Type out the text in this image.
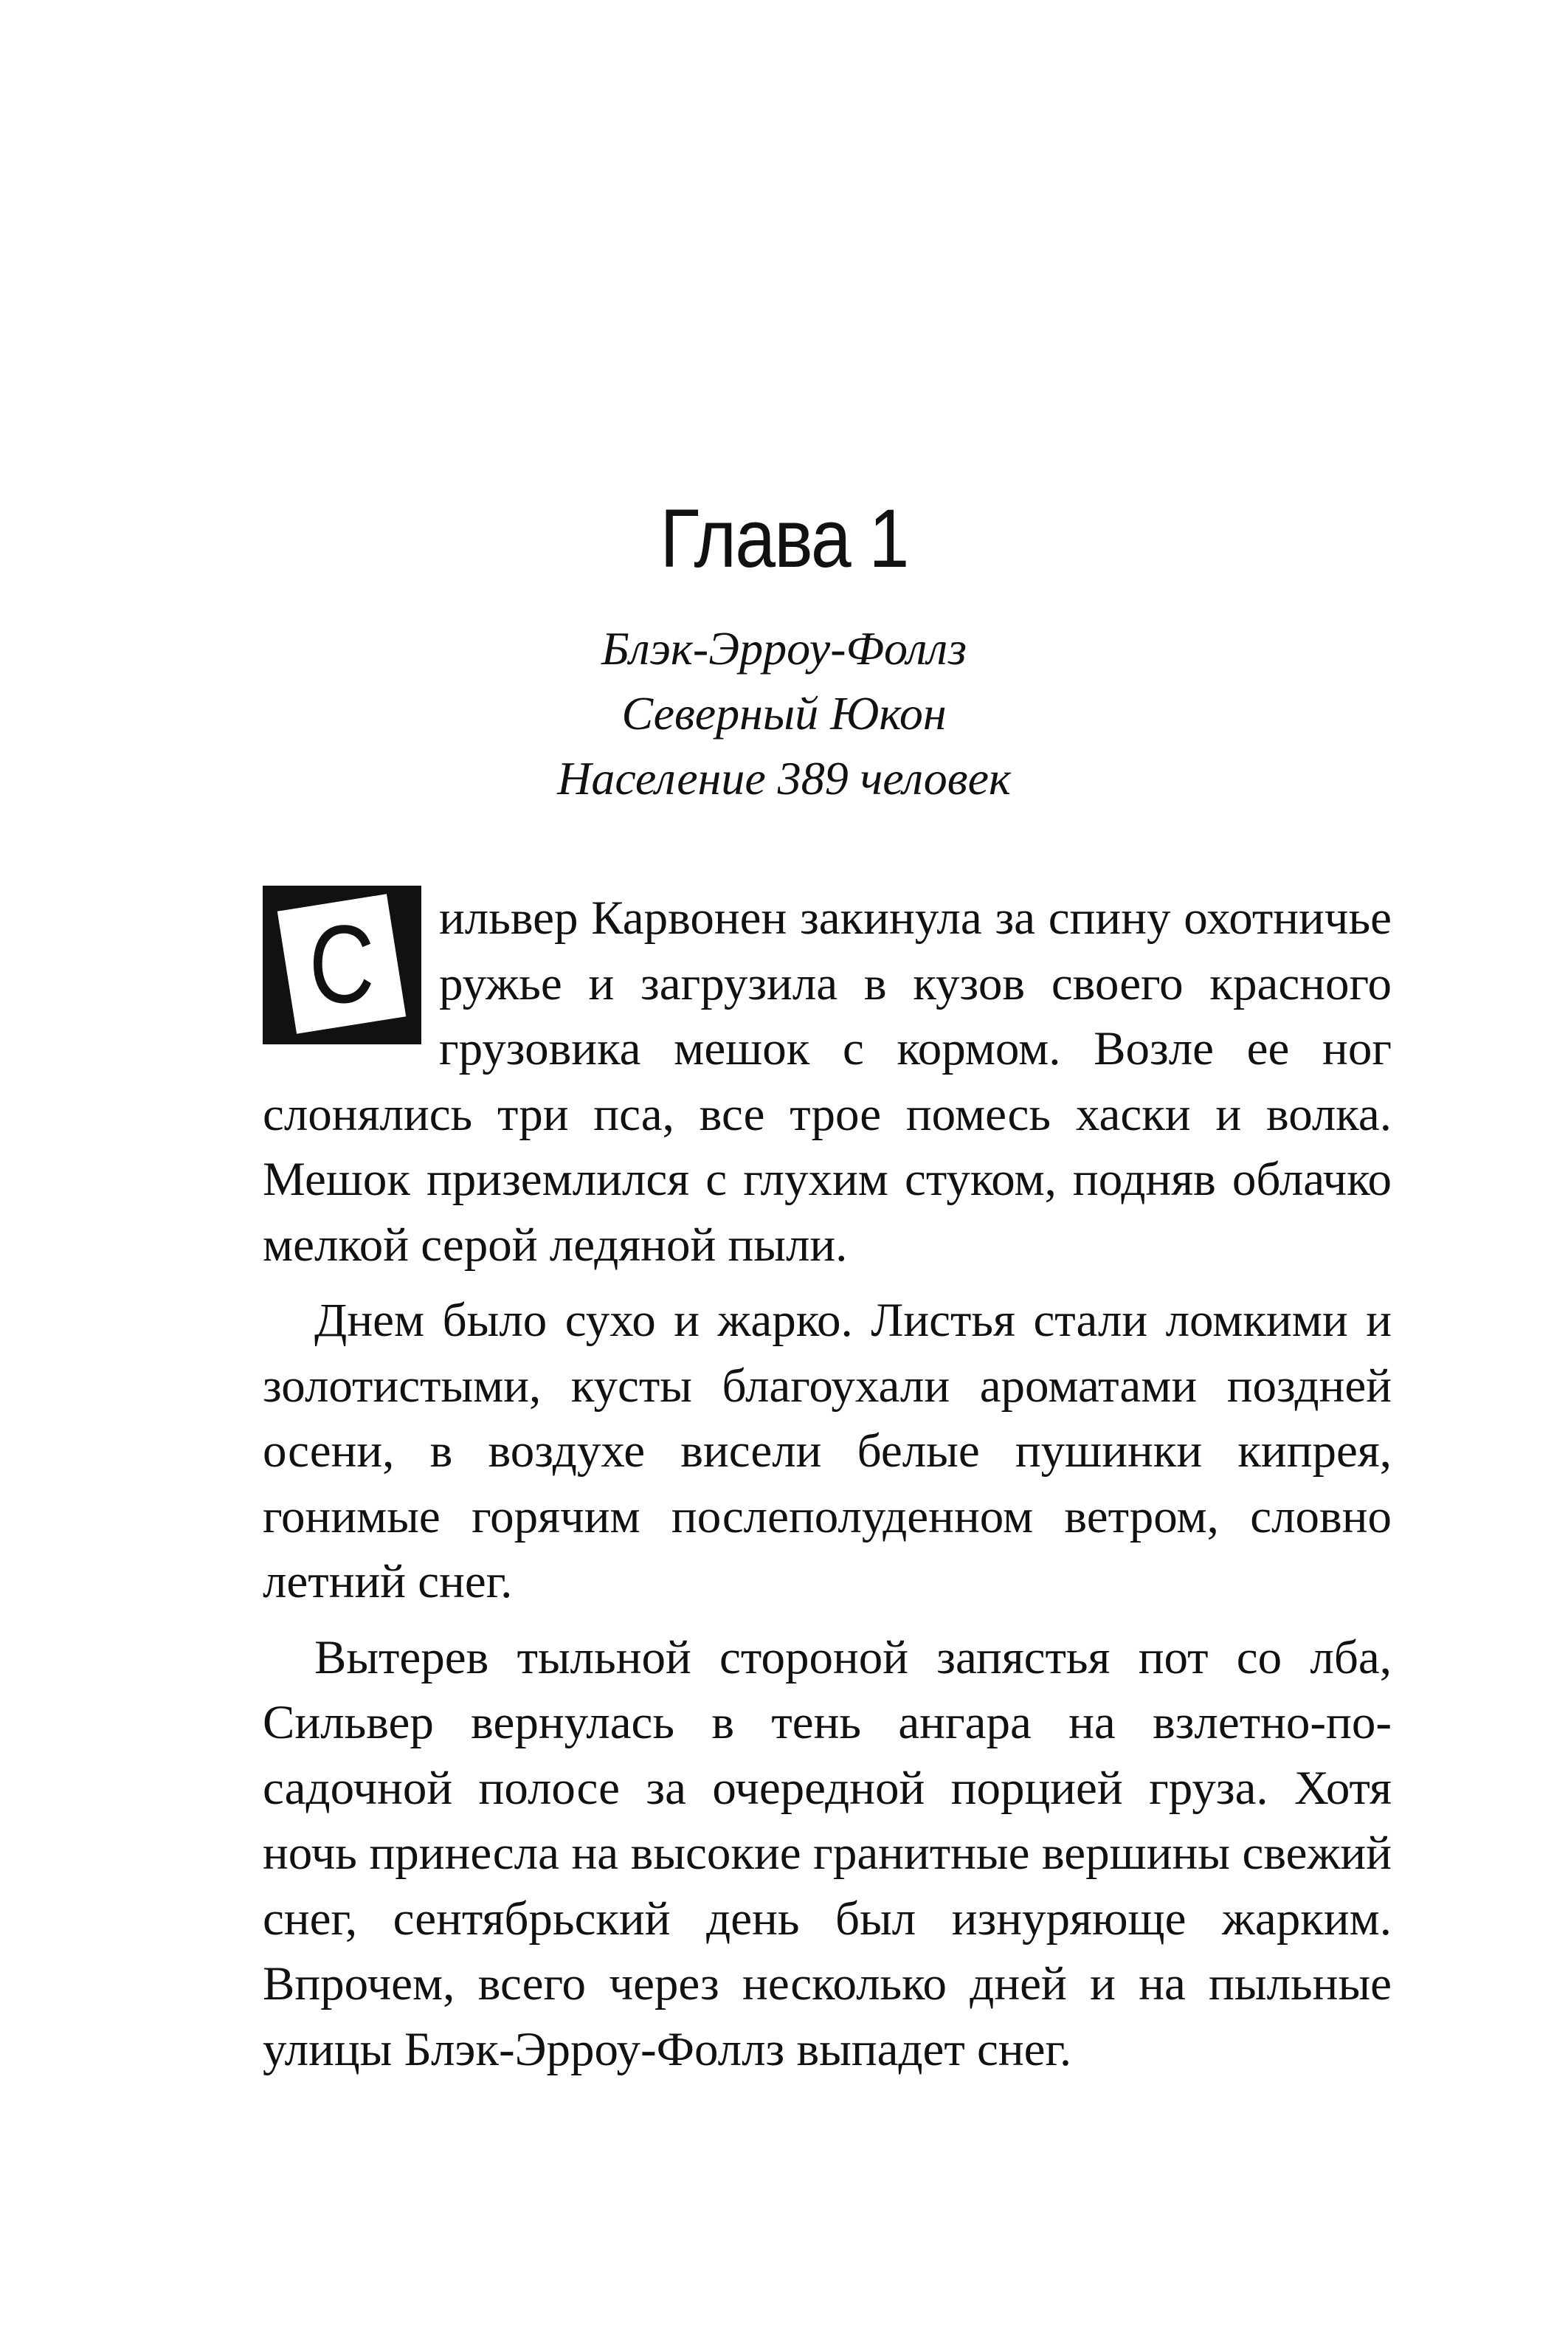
Глава 1
Блэк-Эрроу-Фоллз
Северный Юкон
Население 389 человек

С ильвер Карвонен закинула за спину охотничье ружье и загрузила в кузов своего красного грузовика мешок с кормом. Возле ее ног слонялись три пса, все трое помесь хаски и волка. Мешок приземлился с глухим стуком, подняв облачко мелкой серой ледяной пыли.

Днем было сухо и жарко. Листья стали ломкими и золотистыми, кусты благоухали ароматами поздней осени, в воздухе висели белые пушинки кипрея, гонимые горячим послеполуденном ветром, словно летний снег.

Вытерев тыльной стороной запястья пот со лба, Сильвер вернулась в тень ангара на взлетно-посадочной полосе за очередной порцией груза. Хотя ночь принесла на высокие гранитные вершины свежий снег, сентябрьский день был изнуряюще жарким. Впрочем, всего через несколько дней и на пыльные улицы Блэк-Эрроу-Фоллз выпадет снег.
